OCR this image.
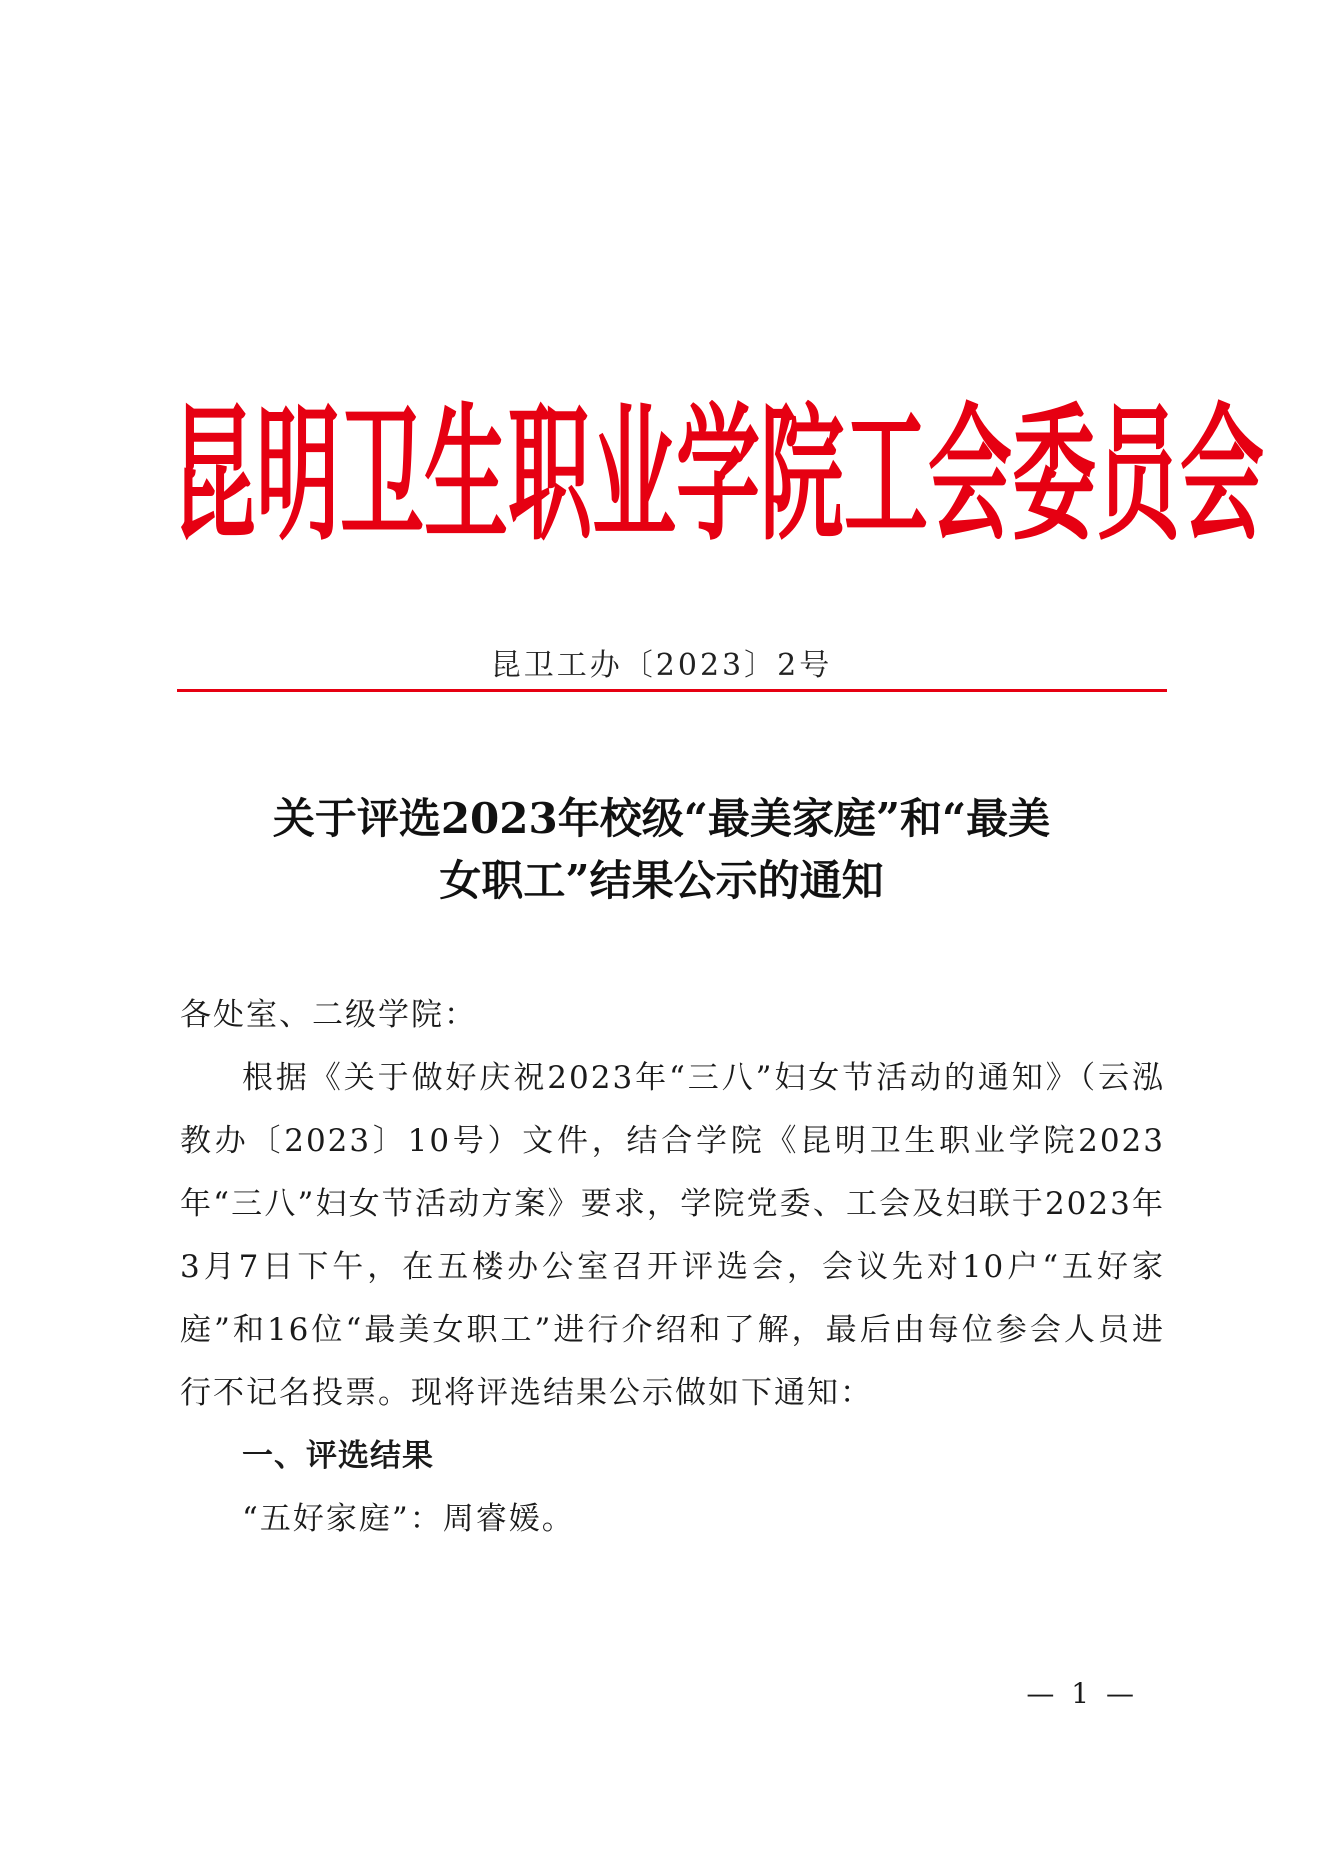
昆明卫生职业学院工会委员会
昆卫工办〔2023〕2号
关于评选2023年校级“最美家庭”和“最美
女职工”结果公示的通知

各处室、二级学院：

根据《关于做好庆祝2023年“三八”妇女节活动的通知》（云泓教办〔2023〕10号）文件，结合学院《昆明卫生职业学院2023年“三八”妇女节活动方案》要求，学院党委、工会及妇联于2023年3月7日下午，在五楼办公室召开评选会，会议先对10户“五好家庭”和16位“最美女职工”进行介绍和了解，最后由每位参会人员进行不记名投票。现将评选结果公示做如下通知：

一、评选结果

“五好家庭”：周睿媛。

— 1 —
